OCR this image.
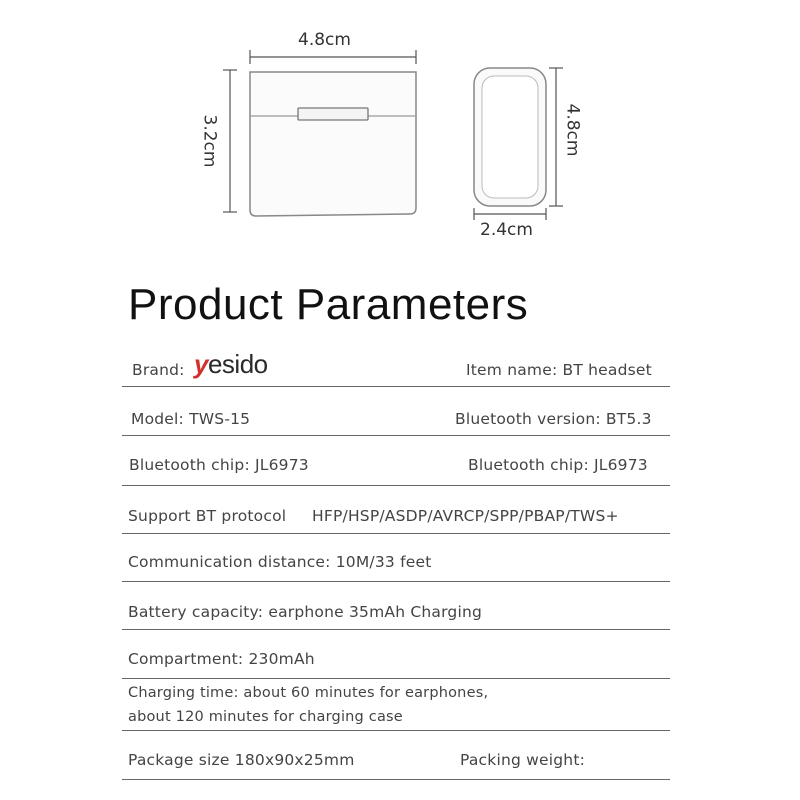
4.8cm
3.2cm	4.8cm
2.4cm
Product Parameters
Brand: yesido	Item name: BT headset
Model: TWS-15	Bluetooth version: BT5.3
Bluetooth chip: JL6973	Bluetooth chip: JL6973
Support BT protocol HFP/HSP/ASDP/AVRCP/SPP/PBAP/TWS+
Communication distance: 10M/33 feet
Battery capacity: earphone 35mAh Charging
Compartment: 230mAh
Charging time: about 60 minutes for earphones,
about 120 minutes for charging case
Package size 180x90x25mm	Packing weight:
